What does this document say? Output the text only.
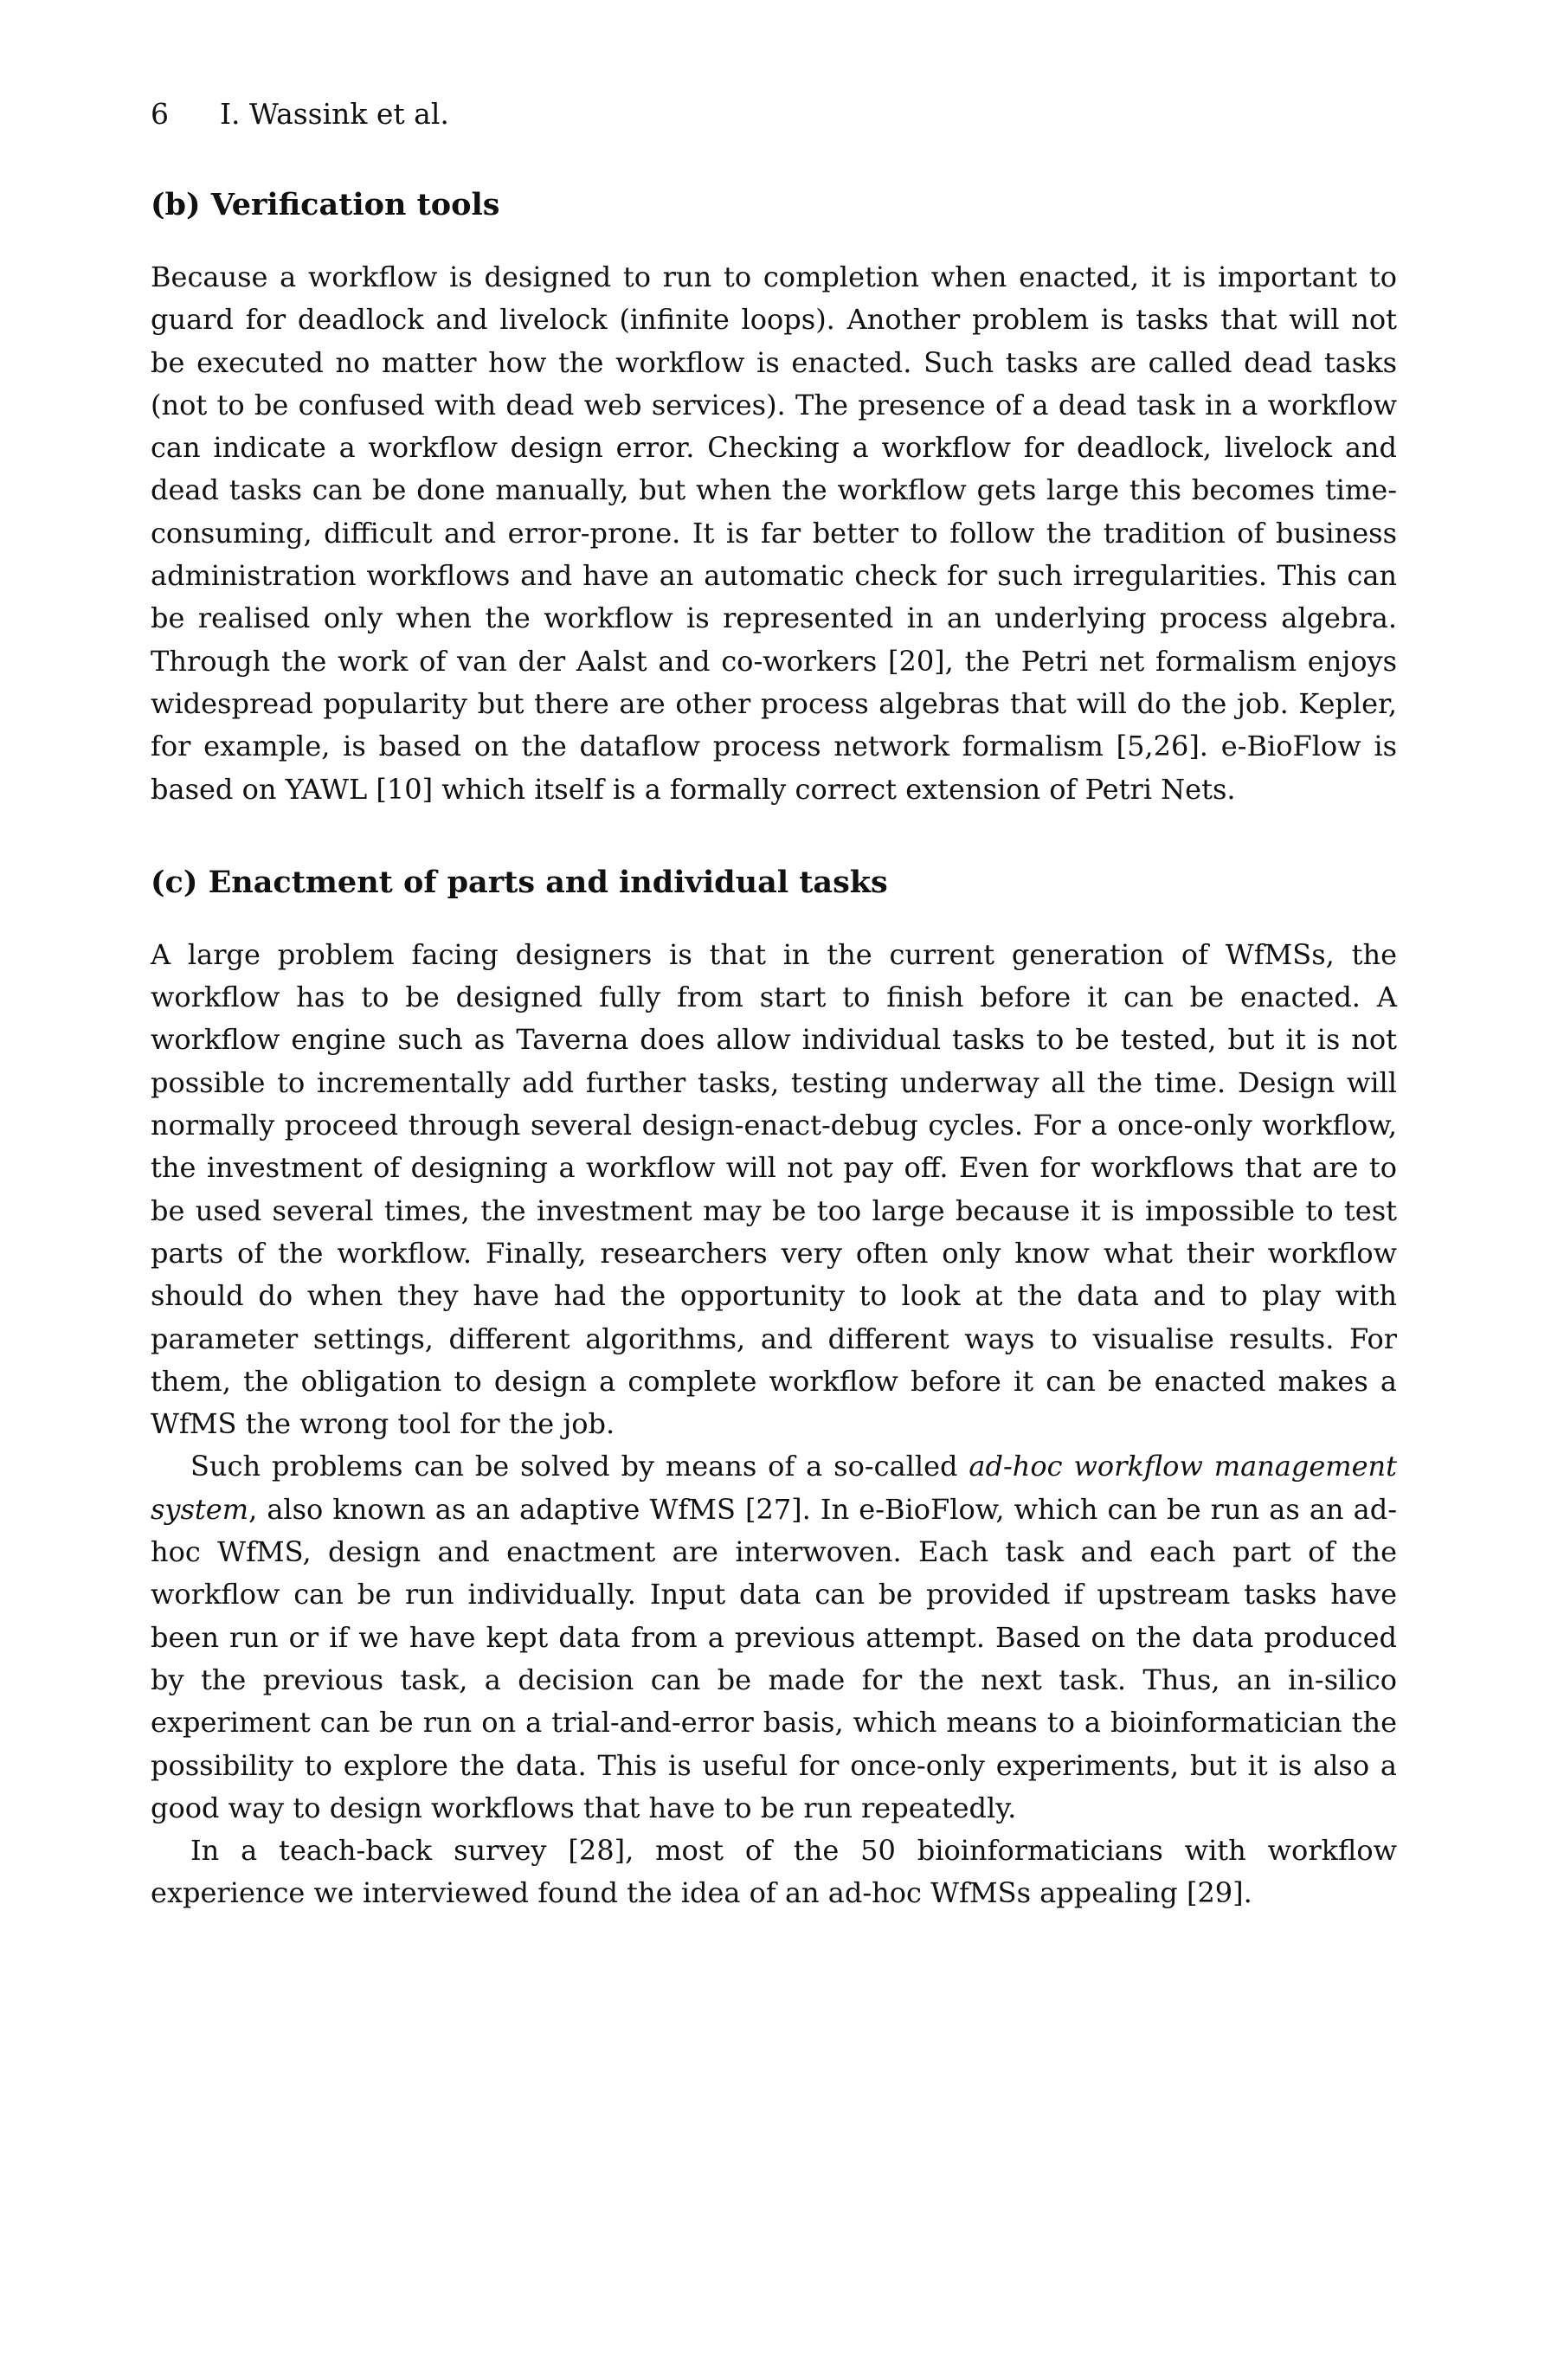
6 I. Wassink et al.
(b) Verification tools

Because a workflow is designed to run to completion when enacted, it is important to guard for deadlock and livelock (infinite loops). Another problem is tasks that will not be executed no matter how the workflow is enacted. Such tasks are called dead tasks (not to be confused with dead web services). The presence of a dead task in a workflow can indicate a workflow design error. Checking a workflow for deadlock, livelock and dead tasks can be done manually, but when the workflow gets large this becomes time-consuming, difficult and error-prone. It is far better to follow the tradition of business administration workflows and have an automatic check for such irregularities. This can be realised only when the workflow is represented in an underlying process algebra. Through the work of van der Aalst and co-workers [20], the Petri net formalism enjoys widespread popularity but there are other process algebras that will do the job. Kepler, for example, is based on the dataflow process network formalism [5,26]. e-BioFlow is based on YAWL [10] which itself is a formally correct extension of Petri Nets.

(c) Enactment of parts and individual tasks

A large problem facing designers is that in the current generation of WfMSs, the workflow has to be designed fully from start to finish before it can be enacted. A workflow engine such as Taverna does allow individual tasks to be tested, but it is not possible to incrementally add further tasks, testing underway all the time. Design will normally proceed through several design-enact-debug cycles. For a once-only workflow, the investment of designing a workflow will not pay off. Even for workflows that are to be used several times, the investment may be too large because it is impossible to test parts of the workflow. Finally, researchers very often only know what their workflow should do when they have had the opportunity to look at the data and to play with parameter settings, different algorithms, and different ways to visualise results. For them, the obligation to design a complete workflow before it can be enacted makes a WfMS the wrong tool for the job.

Such problems can be solved by means of a so-called ad-hoc workflow management system, also known as an adaptive WfMS [27]. In e-BioFlow, which can be run as an ad-hoc WfMS, design and enactment are interwoven. Each task and each part of the workflow can be run individually. Input data can be provided if upstream tasks have been run or if we have kept data from a previous attempt. Based on the data produced by the previous task, a decision can be made for the next task. Thus, an in-silico experiment can be run on a trial-and-error basis, which means to a bioinformatician the possibility to explore the data. This is useful for once-only experiments, but it is also a good way to design workflows that have to be run repeatedly.

In a teach-back survey [28], most of the 50 bioinformaticians with workflow experience we interviewed found the idea of an ad-hoc WfMSs appealing [29].
